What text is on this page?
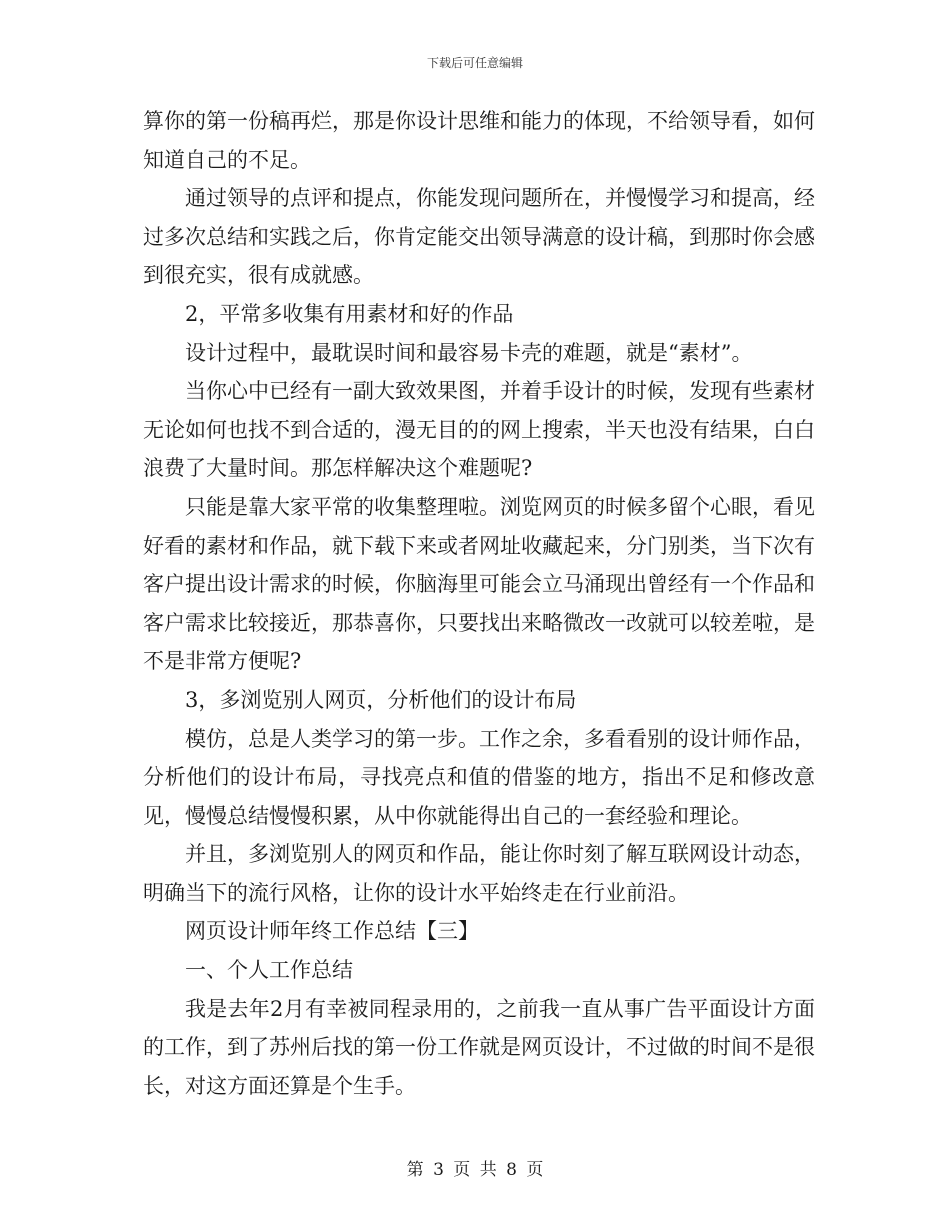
下载后可任意编辑

算你的第一份稿再烂，那是你设计思维和能力的体现，不给领导看，如何知道自己的不足。

通过领导的点评和提点，你能发现问题所在，并慢慢学习和提高，经过多次总结和实践之后，你肯定能交出领导满意的设计稿，到那时你会感到很充实，很有成就感。

2，平常多收集有用素材和好的作品

设计过程中，最耽误时间和最容易卡壳的难题，就是“素材”。

当你心中已经有一副大致效果图，并着手设计的时候，发现有些素材无论如何也找不到合适的，漫无目的的网上搜索，半天也没有结果，白白浪费了大量时间。那怎样解决这个难题呢?

只能是靠大家平常的收集整理啦。浏览网页的时候多留个心眼，看见好看的素材和作品，就下载下来或者网址收藏起来，分门别类，当下次有客户提出设计需求的时候，你脑海里可能会立马涌现出曾经有一个作品和客户需求比较接近，那恭喜你，只要找出来略微改一改就可以较差啦，是不是非常方便呢?

3，多浏览别人网页，分析他们的设计布局

模仿，总是人类学习的第一步。工作之余，多看看别的设计师作品，分析他们的设计布局，寻找亮点和值的借鉴的地方，指出不足和修改意见，慢慢总结慢慢积累，从中你就能得出自己的一套经验和理论。

并且，多浏览别人的网页和作品，能让你时刻了解互联网设计动态，明确当下的流行风格，让你的设计水平始终走在行业前沿。

网页设计师年终工作总结【三】

一、个人工作总结

我是去年2月有幸被同程录用的，之前我一直从事广告平面设计方面的工作，到了苏州后找的第一份工作就是网页设计，不过做的时间不是很长，对这方面还算是个生手。

第 3 页 共 8 页
